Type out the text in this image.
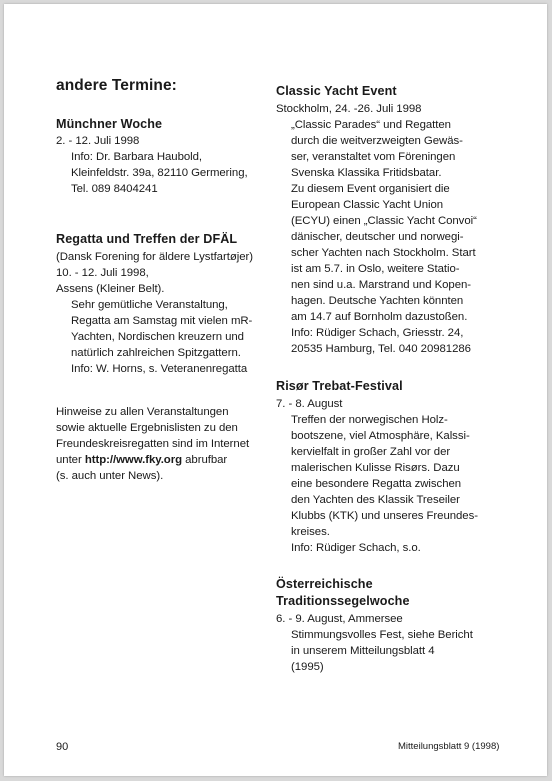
andere Termine:
Münchner Woche
2. - 12. Juli 1998
Info: Dr. Barbara Haubold,
Kleinfeldstr. 39a, 82110 Germering,
Tel. 089 8404241
Regatta und Treffen der DFÄL
(Dansk Forening for äldere Lystfartøjer)
10. - 12. Juli 1998,
Assens (Kleiner Belt).
Sehr gemütliche Veranstaltung,
Regatta am Samstag mit vielen mR-
Yachten, Nordischen kreuzern und
natürlich zahlreichen Spitzgattern.
Info: W. Horns, s. Veteranenregatta
Hinweise zu allen Veranstaltungen
sowie aktuelle Ergebnislisten zu den
Freundeskreisregatten sind im Internet
unter http://www.fky.org abrufbar
(s. auch unter News).
Classic Yacht Event
Stockholm, 24. -26. Juli 1998
„Classic Parades“ und Regatten
durch die weitverzweigten Gewäs-
ser, veranstaltet vom Föreningen
Svenska Klassika Fritidsbatar.
Zu diesem Event organisiert die
European Classic Yacht Union
(ECYU) einen „Classic Yacht Convoi“
dänischer, deutscher und norwegi-
scher Yachten nach Stockholm. Start
ist am 5.7. in Oslo, weitere Statio-
nen sind u.a. Marstrand und Kopen-
hagen. Deutsche Yachten könnten
am 14.7 auf Bornholm dazustoßen.
Info: Rüdiger Schach, Griesstr. 24,
20535 Hamburg, Tel. 040 20981286
Risør Trebat-Festival
7. - 8. August
Treffen der norwegischen Holz-
bootszene, viel Atmosphäre, Kalssi-
kervielfalt in großer Zahl vor der
malerischen Kulisse Risørs. Dazu
eine besondere Regatta zwischen
den Yachten des Klassik Treseiler
Klubbs (KTK) und unseres Freundes-
kreises.
Info: Rüdiger Schach, s.o.
Österreichische
Traditionssegelwoche
6. - 9. August, Ammersee
Stimmungsvolles Fest, siehe Bericht
in unserem Mitteilungsblatt 4
(1995)
90	Mitteilungsblatt 9 (1998)
